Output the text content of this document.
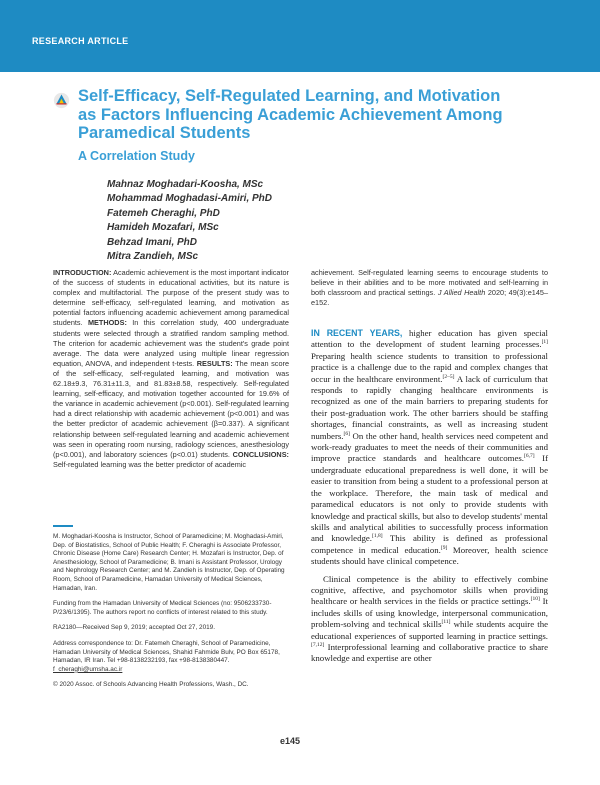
RESEARCH ARTICLE
Self-Efficacy, Self-Regulated Learning, and Motivation as Factors Influencing Academic Achievement Among Paramedical Students
A Correlation Study
Mahnaz Moghadari-Koosha, MSc
Mohammad Moghadasi-Amiri, PhD
Fatemeh Cheraghi, PhD
Hamideh Mozafari, MSc
Behzad Imani, PhD
Mitra Zandieh, MSc

INTRODUCTION: Academic achievement is the most important indicator of the success of students in educational activities, but its nature is complex and multifactorial. The purpose of the present study was to determine self-efficacy, self-regulated learning, and motivation as potential factors influencing academic achievement among paramedical students. METHODS: In this correlation study, 400 undergraduate students were selected through a stratified random sampling method. The criterion for academic achievement was the student's grade point average. The data were analyzed using multiple linear regression equation, ANOVA, and independent t-tests. RESULTS: The mean score of the self-efficacy, self-regulated learning, and motivation was 62.18±9.3, 76.31±11.3, and 81.83±8.58, respectively. Self-regulated learning, self-efficacy, and motivation together accounted for 19.6% of the variance in academic achievement (p<0.001). Self-regulated learning had a direct relationship with academic achievement (p<0.001) and was the better predictor of academic achievement (β=0.337). A significant relationship between self-regulated learning and academic achievement was seen in operating room nursing, radiology sciences, anesthesiology (p<0.001), and laboratory sciences (p<0.01) students. CONCLUSIONS: Self-regulated learning was the better predictor of academic

achievement. Self-regulated learning seems to encourage students to believe in their abilities and to be more motivated and self-learning in both classroom and practical settings. J Allied Health 2020; 49(3):e145–e152.

M. Moghadari-Koosha is Instructor, School of Paramedicine; M. Moghadasi-Amiri, Dep. of Biostatistics, School of Public Health; F. Cheraghi is Associate Professor, Chronic Disease (Home Care) Research Center; H. Mozafari is Instructor, Dep. of Anesthesiology, School of Paramedicine; B. Imani is Assistant Professor, Urology and Nephrology Research Center; and M. Zandieh is Instructor, Dep. of Operating Room, School of Paramedicine, Hamadan University of Medical Sciences, Hamadan, Iran.

Funding from the Hamadan University of Medical Sciences (no: 9506233730-P/23/6/1395). The authors report no conflicts of interest related to this study.

RA2180—Received Sep 9, 2019; accepted Oct 27, 2019.

Address correspondence to: Dr. Fatemeh Cheraghi, School of Paramedicine, Hamadan University of Medical Sciences, Shahid Fahmide Bulv, PO Box 65178, Hamadan, IR Iran. Tel +98-8138232193, fax +98-8138380447. f_cheraghi@umsha.ac.ir

© 2020 Assoc. of Schools Advancing Health Professions, Wash., DC.

IN RECENT YEARS, higher education has given special attention to the development of student learning processes.[1] Preparing health science students to transition to professional practice is a challenge due to the rapid and complex changes that occur in the healthcare environment.[2–5] A lack of curriculum that responds to rapidly changing healthcare environments is recognized as one of the main barriers to preparing students for their post-graduation work. The other barriers should be staffing shortages, financial constraints, as well as increasing student numbers.[6] On the other hand, health services need competent and work-ready graduates to meet the needs of their communities and improve practice standards and healthcare outcomes.[6,7] If undergraduate educational preparedness is well done, it will be easier to transition from being a student to a professional person at the workplace. Therefore, the main task of medical and paramedical educators is not only to provide students with knowledge and practical skills, but also to develop students' mental skills and analytical abilities to successfully process information and knowledge.[1,8] This ability is defined as professional competence in medical education.[9] Moreover, health science students should have clinical competence.

Clinical competence is the ability to effectively combine cognitive, affective, and psychomotor skills when providing healthcare or health services in the fields or practice settings.[10] It includes skills of using knowledge, interpersonal communication, problem-solving and technical skills[11] while students acquire the educational experiences of supported learning in practice settings.[7,12] Interprofessional learning and collaborative practice to share knowledge and expertise are other

e145
